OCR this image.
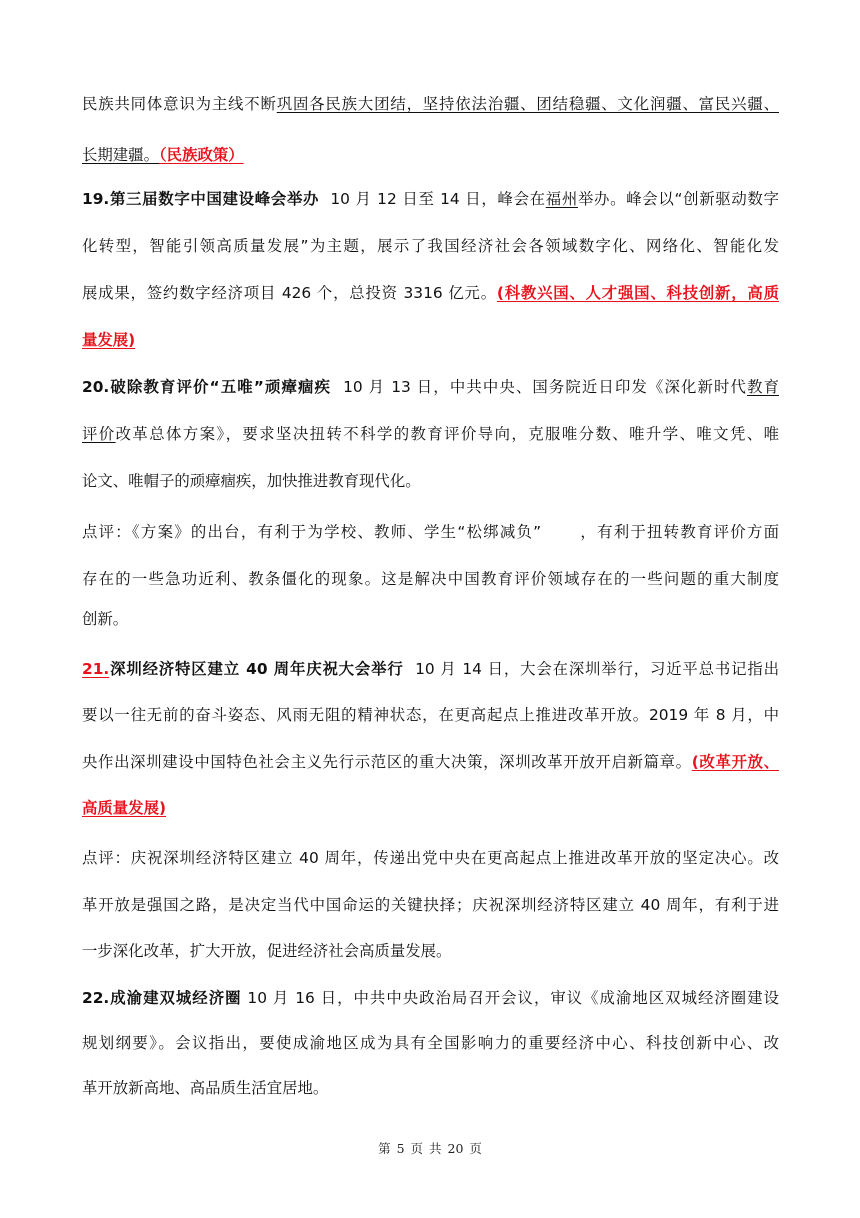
民族共同体意识为主线不断巩固各民族大团结，坚持依法治疆、团结稳疆、文化润疆、富民兴疆、
长期建疆。（民族政策）
19.第三届数字中国建设峰会举办 10 月 12 日至 14 日，峰会在福州举办。峰会以“创新驱动数字
化转型，智能引领高质量发展”为主题，展示了我国经济社会各领域数字化、网络化、智能化发
展成果，签约数字经济项目 426 个，总投资 3316 亿元。(科教兴国、人才强国、科技创新，高质
量发展)
20.破除教育评价“五唯”顽瘴痼疾 10 月 13 日，中共中央、国务院近日印发《深化新时代教育
评价改革总体方案》，要求坚决扭转不科学的教育评价导向，克服唯分数、唯升学、唯文凭、唯
论文、唯帽子的顽瘴痼疾，加快推进教育现代化。
点评：《方案》的出台，有利于为学校、教师、学生“松绑减负” ，有利于扭转教育评价方面
存在的一些急功近利、教条僵化的现象。这是解决中国教育评价领域存在的一些问题的重大制度
创新。
21.深圳经济特区建立 40 周年庆祝大会举行 10 月 14 日，大会在深圳举行，习近平总书记指出
要以一往无前的奋斗姿态、风雨无阻的精神状态，在更高起点上推进改革开放。2019 年 8 月，中
央作出深圳建设中国特色社会主义先行示范区的重大决策，深圳改革开放开启新篇章。(改革开放、
高质量发展)
点评：庆祝深圳经济特区建立 40 周年，传递出党中央在更高起点上推进改革开放的坚定决心。改
革开放是强国之路，是决定当代中国命运的关键抉择；庆祝深圳经济特区建立 40 周年，有利于进
一步深化改革，扩大开放，促进经济社会高质量发展。
22.成渝建双城经济圈 10 月 16 日，中共中央政治局召开会议，审议《成渝地区双城经济圈建设
规划纲要》。会议指出，要使成渝地区成为具有全国影响力的重要经济中心、科技创新中心、改
革开放新高地、高品质生活宜居地。
第 5 页 共 20 页
